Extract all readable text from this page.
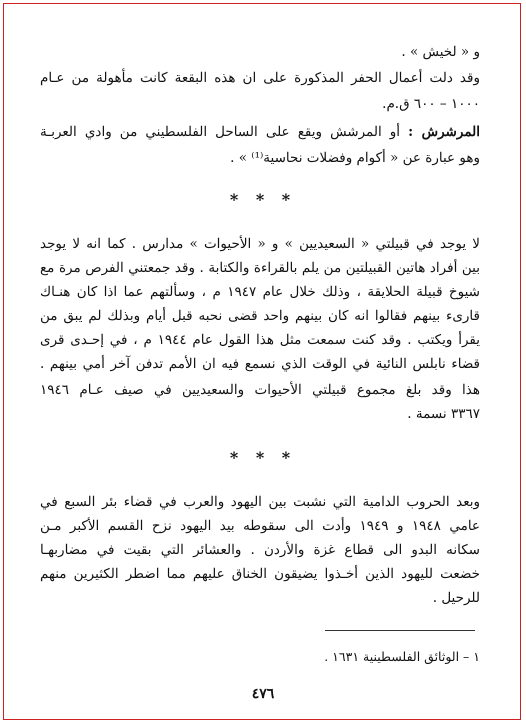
و « لخيش » .
وقد دلت أعمال الحفر المذكورة على ان هذه البقعة كانت مأهولة من عـام
١٠٠٠ – ٦٠٠ ق.م.
المرشرش : أو المرشش ويقع على الساحل الفلسطيني من وادي العربـة
وهو عبارة عن « أكوام وفضلات نحاسية⁽¹⁾ » .
* * *
لا يوجد في قبيلتي « السعيديين » و « الأحيوات » مدارس . كما انه لا يوجد
بين أفراد هاتين القبيلتين من يلم بالقراءة والكتابة . وقد جمعتني الفرص مرة مع
شيوخ قبيلة الحلايقة ، وذلك خلال عام ١٩٤٧ م ، وسألتهم عما اذا كان هنـاك
قارىء بينهم فقالوا انه كان بينهم واحد قضى نحبه قبل أيام وبذلك لم يبق من
يقرأ ويكتب . وقد كنت سمعت مثل هذا القول عام ١٩٤٤ م ، في إحـدى قرى
قضاء نابلس النائية في الوقت الذي نسمع فيه ان الأمم تدفن آخر أمي بينهم .
هذا وقد بلغ مجموع قبيلتي الأحيوات والسعيديين في صيف عـام ١٩٤٦
٣٣٦٧ نسمة .
* * *
وبعد الحروب الدامية التي نشبت بين اليهود والعرب في قضاء بئر السبع في
عامي ١٩٤٨ و ١٩٤٩ وأدت الى سقوطه بيد اليهود نزح القسم الأكبر مـن
سكانه البدو الى قطاع غزة والأردن . والعشائر التي بقيت في مضاربهـا
خضعت لليهود الذين أخـذوا يضيقون الخناق عليهم مما اضطر الكثيرين منهم
للرحيل .
١ – الوثائق الفلسطينية ١٦٣١ .
٤٧٦
